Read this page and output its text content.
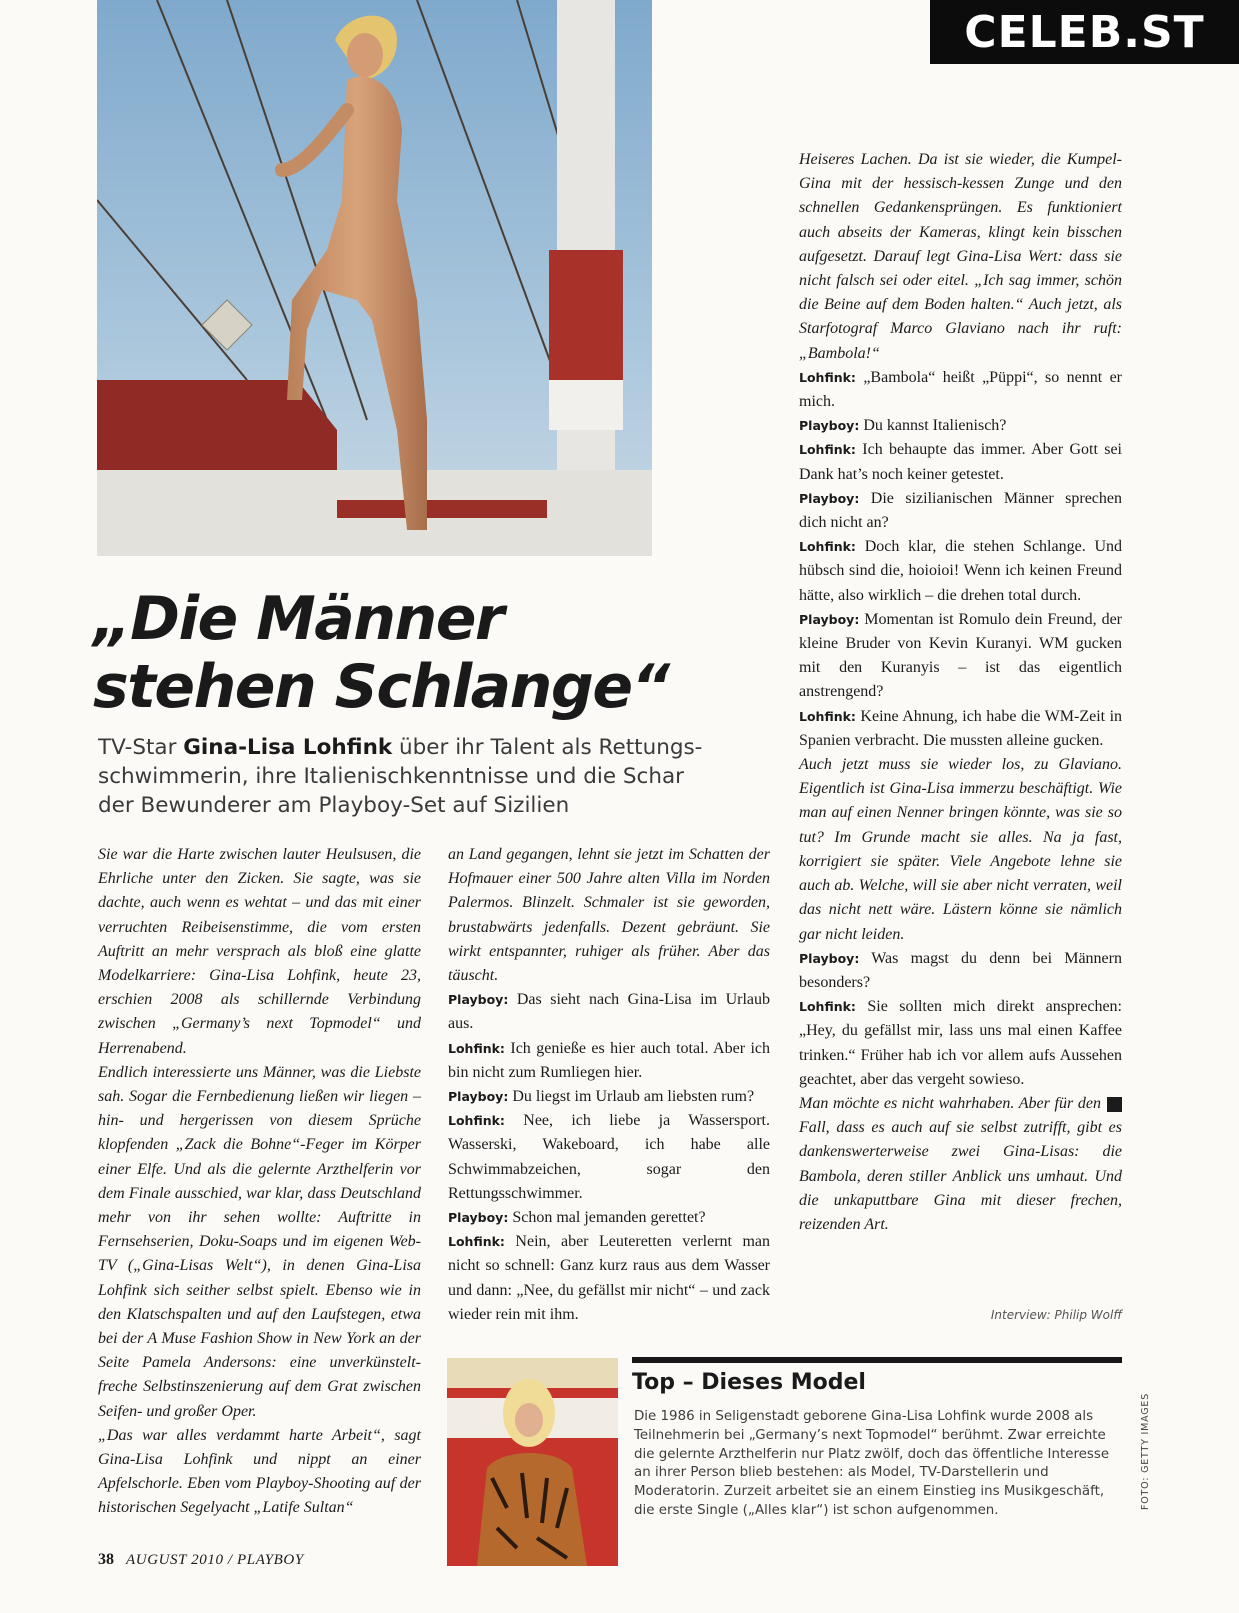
CELEB.ST
„Die Männer
stehen Schlange“
TV-Star Gina-Lisa Lohfink über ihr Talent als Rettungs-schwimmerin, ihre Italienischkenntnisse und die Schar der Bewunderer am Playboy-Set auf Sizilien

Sie war die Harte zwischen lauter Heulsusen, die Ehrliche unter den Zicken. Sie sagte, was sie dachte, auch wenn es wehtat – und das mit einer verruchten Reibeisenstimme, die vom ersten Auftritt an mehr versprach als bloß eine glatte Modelkarriere: Gina-Lisa Lohfink, heute 23, erschien 2008 als schillernde Verbindung zwischen „Germany’s next Topmodel“ und Herrenabend.

Endlich interessierte uns Männer, was die Liebste sah. Sogar die Fernbedienung ließen wir liegen – hin- und hergerissen von diesem Sprüche klopfenden „Zack die Bohne“-Feger im Körper einer Elfe. Und als die gelernte Arzthelferin vor dem Finale ausschied, war klar, dass Deutschland mehr von ihr sehen wollte: Auftritte in Fernsehserien, Doku-Soaps und im eigenen Web-TV („Gina-Lisas Welt“), in denen Gina-Lisa Lohfink sich seither selbst spielt. Ebenso wie in den Klatschspalten und auf den Laufstegen, etwa bei der A Muse Fashion Show in New York an der Seite Pamela Andersons: eine unverkünstelt-freche Selbstinszenierung auf dem Grat zwischen Seifen- und großer Oper.

„Das war alles verdammt harte Arbeit“, sagt Gina-Lisa Lohfink und nippt an einer Apfelschorle. Eben vom Playboy-Shooting auf der historischen Segelyacht „Latife Sultan“

an Land gegangen, lehnt sie jetzt im Schatten der Hofmauer einer 500 Jahre alten Villa im Norden Palermos. Blinzelt. Schmaler ist sie geworden, brustabwärts jedenfalls. Dezent gebräunt. Sie wirkt entspannter, ruhiger als früher. Aber das täuscht.

Playboy: Das sieht nach Gina-Lisa im Urlaub aus.

Lohfink: Ich genieße es hier auch total. Aber ich bin nicht zum Rumliegen hier.

Playboy: Du liegst im Urlaub am liebsten rum?

Lohfink: Nee, ich liebe ja Wassersport. Wasserski, Wakeboard, ich habe alle Schwimmabzeichen, sogar den Rettungsschwimmer.

Playboy: Schon mal jemanden gerettet?

Lohfink: Nein, aber Leuteretten verlernt man nicht so schnell: Ganz kurz raus aus dem Wasser und dann: „Nee, du gefällst mir nicht“ – und zack wieder rein mit ihm.

Heiseres Lachen. Da ist sie wieder, die Kumpel-Gina mit der hessisch-kessen Zunge und den schnellen Gedankensprüngen. Es funktioniert auch abseits der Kameras, klingt kein bisschen aufgesetzt. Darauf legt Gina-Lisa Wert: dass sie nicht falsch sei oder eitel. „Ich sag immer, schön die Beine auf dem Boden halten.“ Auch jetzt, als Starfotograf Marco Glaviano nach ihr ruft: „Bambola!“

Lohfink: „Bambola“ heißt „Püppi“, so nennt er mich.

Playboy: Du kannst Italienisch?

Lohfink: Ich behaupte das immer. Aber Gott sei Dank hat’s noch keiner getestet.

Playboy: Die sizilianischen Männer sprechen dich nicht an?

Lohfink: Doch klar, die stehen Schlange. Und hübsch sind die, hoioioi! Wenn ich keinen Freund hätte, also wirklich – die drehen total durch.

Playboy: Momentan ist Romulo dein Freund, der kleine Bruder von Kevin Kuranyi. WM gucken mit den Kuranyis – ist das eigentlich anstrengend?

Lohfink: Keine Ahnung, ich habe die WM-Zeit in Spanien verbracht. Die mussten alleine gucken.

Auch jetzt muss sie wieder los, zu Glaviano. Eigentlich ist Gina-Lisa immerzu beschäftigt. Wie man auf einen Nenner bringen könnte, was sie so tut? Im Grunde macht sie alles. Na ja fast, korrigiert sie später. Viele Angebote lehne sie auch ab. Welche, will sie aber nicht verraten, weil das nicht nett wäre. Lästern könne sie nämlich gar nicht leiden.

Playboy: Was magst du denn bei Männern besonders?

Lohfink: Sie sollten mich direkt ansprechen: „Hey, du gefällst mir, lass uns mal einen Kaffee trinken.“ Früher hab ich vor allem aufs Aussehen geachtet, aber das vergeht sowieso.

Man möchte es nicht wahrhaben. Aber für den Fall, dass es auch auf sie selbst zutrifft, gibt es dankenswerterweise zwei Gina-Lisas: die Bambola, deren stiller Anblick uns umhaut. Und die unkaputtbare Gina mit dieser frechen, reizenden Art.

Interview: Philip Wolff
Top – Dieses Model
Die 1986 in Seligenstadt geborene Gina-Lisa Lohfink wurde 2008 als Teilnehmerin bei „Germany’s next Topmodel“ berühmt. Zwar erreichte die gelernte Arzthelferin nur Platz zwölf, doch das öffentliche Interesse an ihrer Person blieb bestehen: als Model, TV-Darstellerin und Moderatorin. Zurzeit arbeitet sie an einem Einstieg ins Musikgeschäft, die erste Single („Alles klar“) ist schon aufgenommen.
FOTO: GETTY IMAGES
38 AUGUST 2010 / PLAYBOY
